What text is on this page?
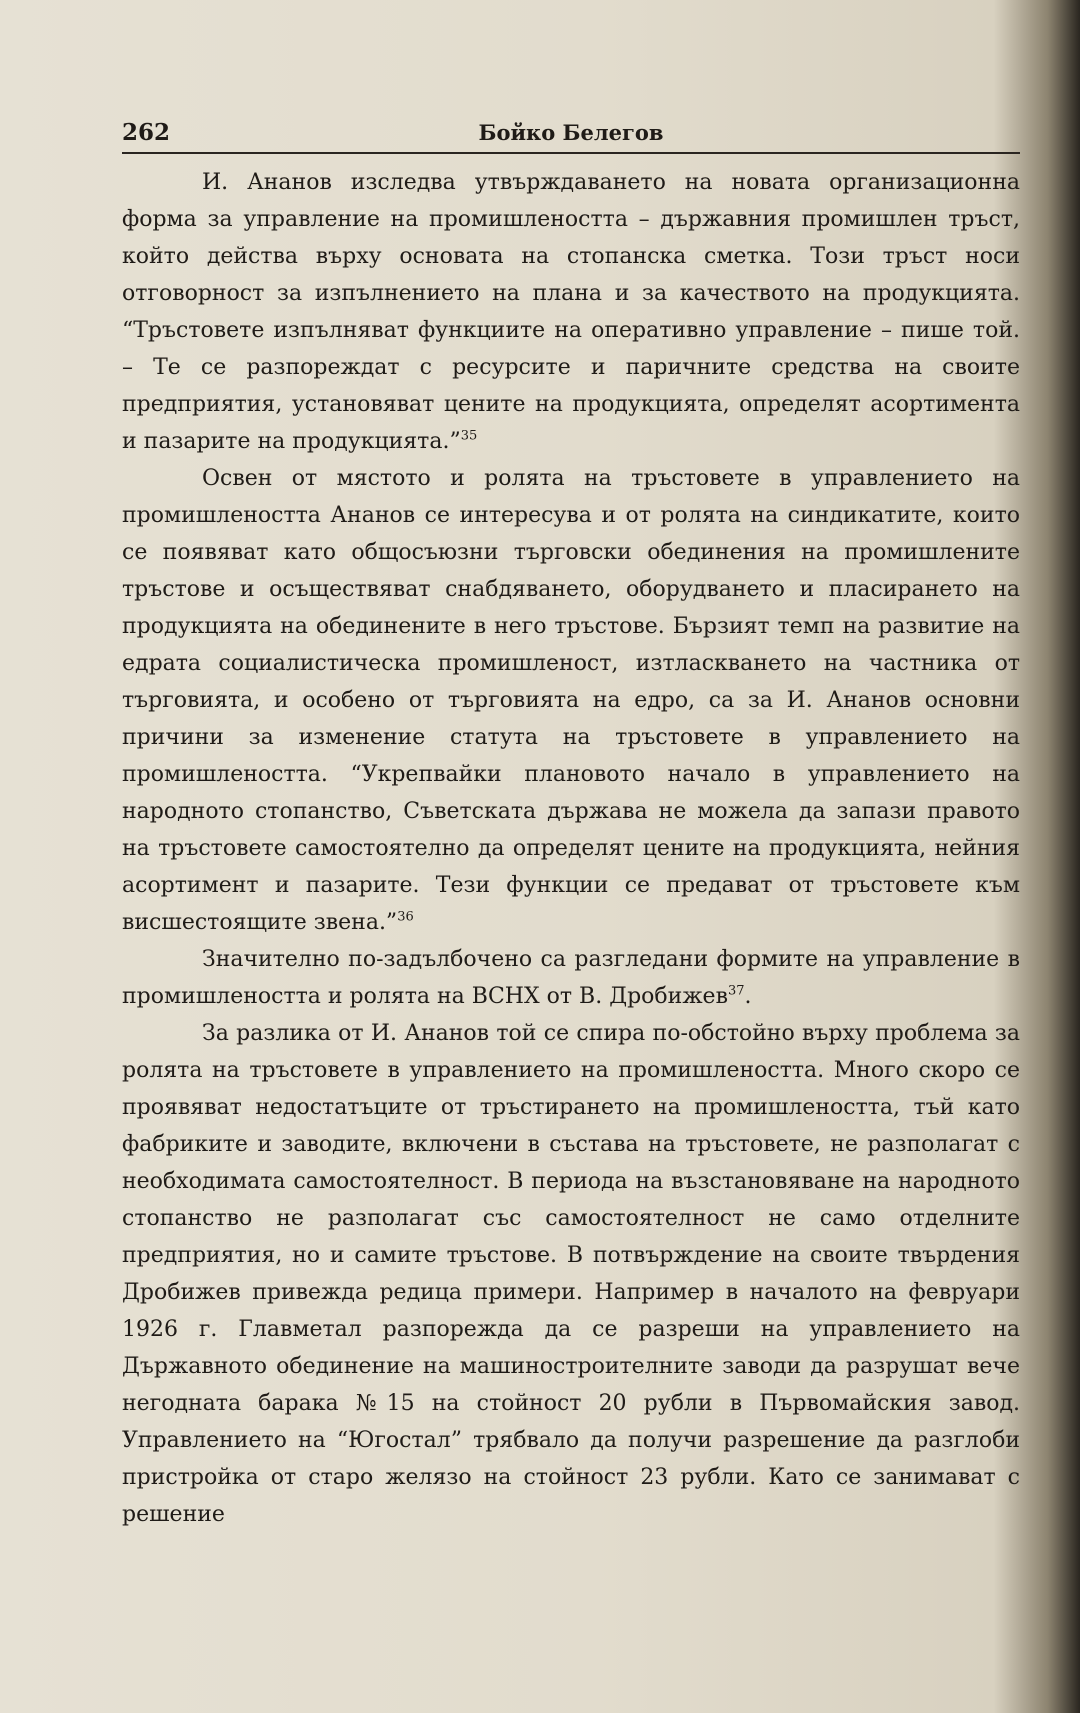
262	Бойко Белегов

И. Ананов изследва утвърждаването на новата организационна форма за управление на промишлеността – държавния промишлен тръст, който действа върху основата на стопанска сметка. Този тръст носи отговорност за изпълнението на плана и за качеството на продукцията. “Тръстовете изпълняват функциите на оперативно управление – пише той. – Те се разпореждат с ресурсите и паричните средства на своите предприятия, установяват цените на продукцията, определят асортимента и пазарите на продукцията.”$^{35}$

Освен от мястото и ролята на тръстовете в управлението на промишлеността Ананов се интересува и от ролята на синдикатите, които се появяват като общосъюзни търговски обединения на промишлените тръстове и осъществяват снабдяването, оборудването и пласирането на продукцията на обединените в него тръстове. Бързият темп на развитие на едрата социалистическа промишленост, изтласкването на частника от търговията, и особено от търговията на едро, са за И. Ананов основни причини за изменение статута на тръстовете в управлението на промишлеността. “Укрепвайки плановото начало в управлението на народното стопанство, Съветската държава не можела да запази правото на тръстовете самостоятелно да определят цените на продукцията, нейния асортимент и пазарите. Тези функции се предават от тръстовете към висшестоящите звена.”$^{36}$

Значително по-задълбочено са разгледани формите на управление в промишлеността и ролята на ВСНХ от В. Дробижев$^{37}$.

За разлика от И. Ананов той се спира по-обстойно върху проблема за ролята на тръстовете в управлението на промишлеността. Много скоро се проявяват недостатъците от тръстирането на промишлеността, тъй като фабриките и заводите, включени в състава на тръстовете, не разполагат с необходимата самостоятелност. В периода на възстановяване на народното стопанство не разполагат със самостоятелност не само отделните предприятия, но и самите тръстове. В потвърждение на своите твърдения Дробижев привежда редица примери. Например в началото на февруари 1926 г. Главметал разпорежда да се разреши на управлението на Държавното обединение на машиностроителните заводи да разрушат вече негодната барака №15 на стойност 20 рубли в Първомайския завод. Управлението на “Югостал” трябвало да получи разрешение да разглоби пристройка от старо желязо на стойност 23 рубли. Като се занимават с решение
